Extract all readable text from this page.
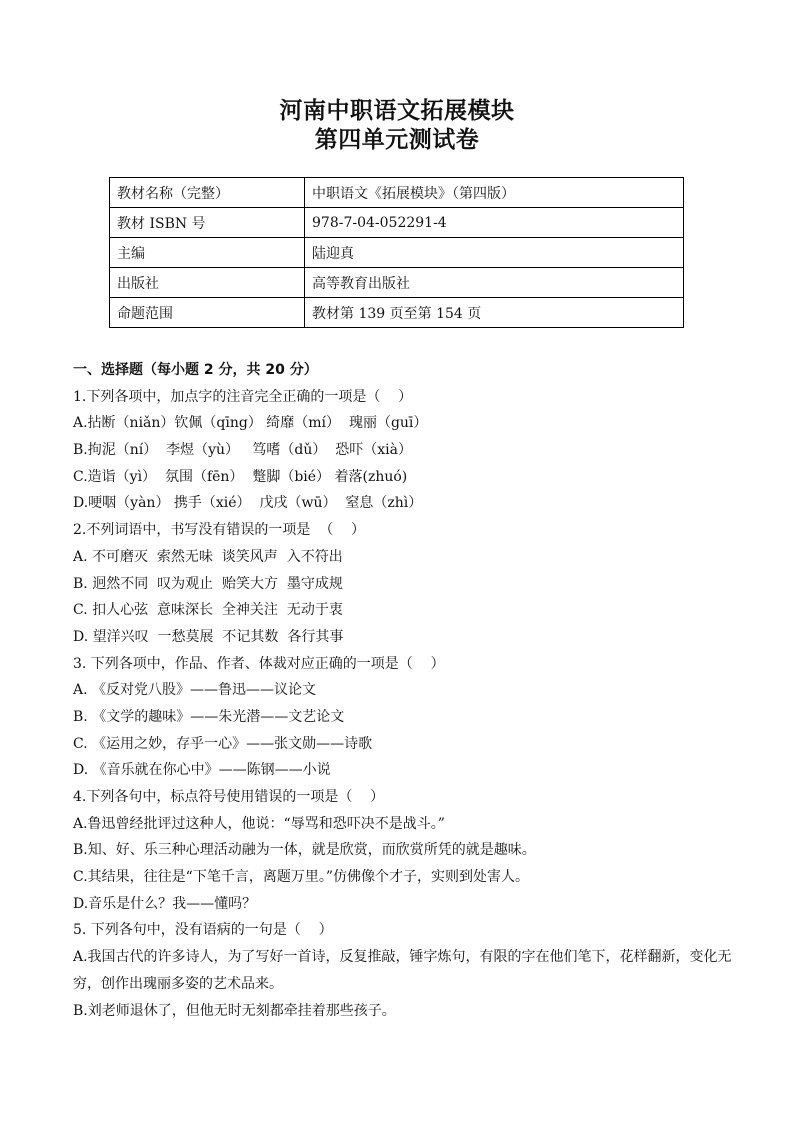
河南中职语文拓展模块
第四单元测试卷
教材名称（完整）	中职语文《拓展模块》（第四版）
教材 ISBN 号	978-7-04-052291-4
主编	陆迎真
出版社	高等教育出版社
命题范围	教材第 139 页至第 154 页
一、选择题（每小题 2 分，共 20 分）
1.下列各项中，加点字的注音完全正确的一项是（    ）
A.拈断（niǎn）钦佩（qīng） 绮靡（mí）  瑰丽（guī）
B.拘泥（ní）  李煜（yù）   笃嗜（dǔ）  恐吓（xià）
C.造诣（yì）  氛围（fēn）  蹩脚（bié） 着落(zhuó)
D.哽咽（yàn） 携手（xié）  戊戌（wū）  窒息（zhì）
2.不列词语中，书写没有错误的一项是  （    ）
A. 不可磨灭  索然无味  谈笑风声  入不符出
B. 迥然不同  叹为观止  贻笑大方  墨守成规
C. 扣人心弦  意味深长  全神关注  无动于衷
D. 望洋兴叹  一愁莫展  不记其数  各行其事
3. 下列各项中，作品、作者、体裁对应正确的一项是（    ）
A. 《反对党八股》——鲁迅——议论文
B. 《文学的趣味》——朱光潜——文艺论文
C. 《运用之妙，存乎一心》——张文勋——诗歌
D. 《音乐就在你心中》——陈钢——小说
4.下列各句中，标点符号使用错误的一项是（    ）
A.鲁迅曾经批评过这种人，他说：“辱骂和恐吓决不是战斗。”
B.知、好、乐三种心理活动融为一体，就是欣赏，而欣赏所凭的就是趣味。
C.其结果，往往是“下笔千言，离题万里。”仿佛像个才子，实则到处害人。
D.音乐是什么？我——懂吗？
5. 下列各句中，没有语病的一句是（    ）
A.我国古代的许多诗人，为了写好一首诗，反复推敲，锤字炼句，有限的字在他们笔下，花样翻新，变化无穷，创作出瑰丽多姿的艺术品来。
B.刘老师退休了，但他无时无刻都牵挂着那些孩子。
